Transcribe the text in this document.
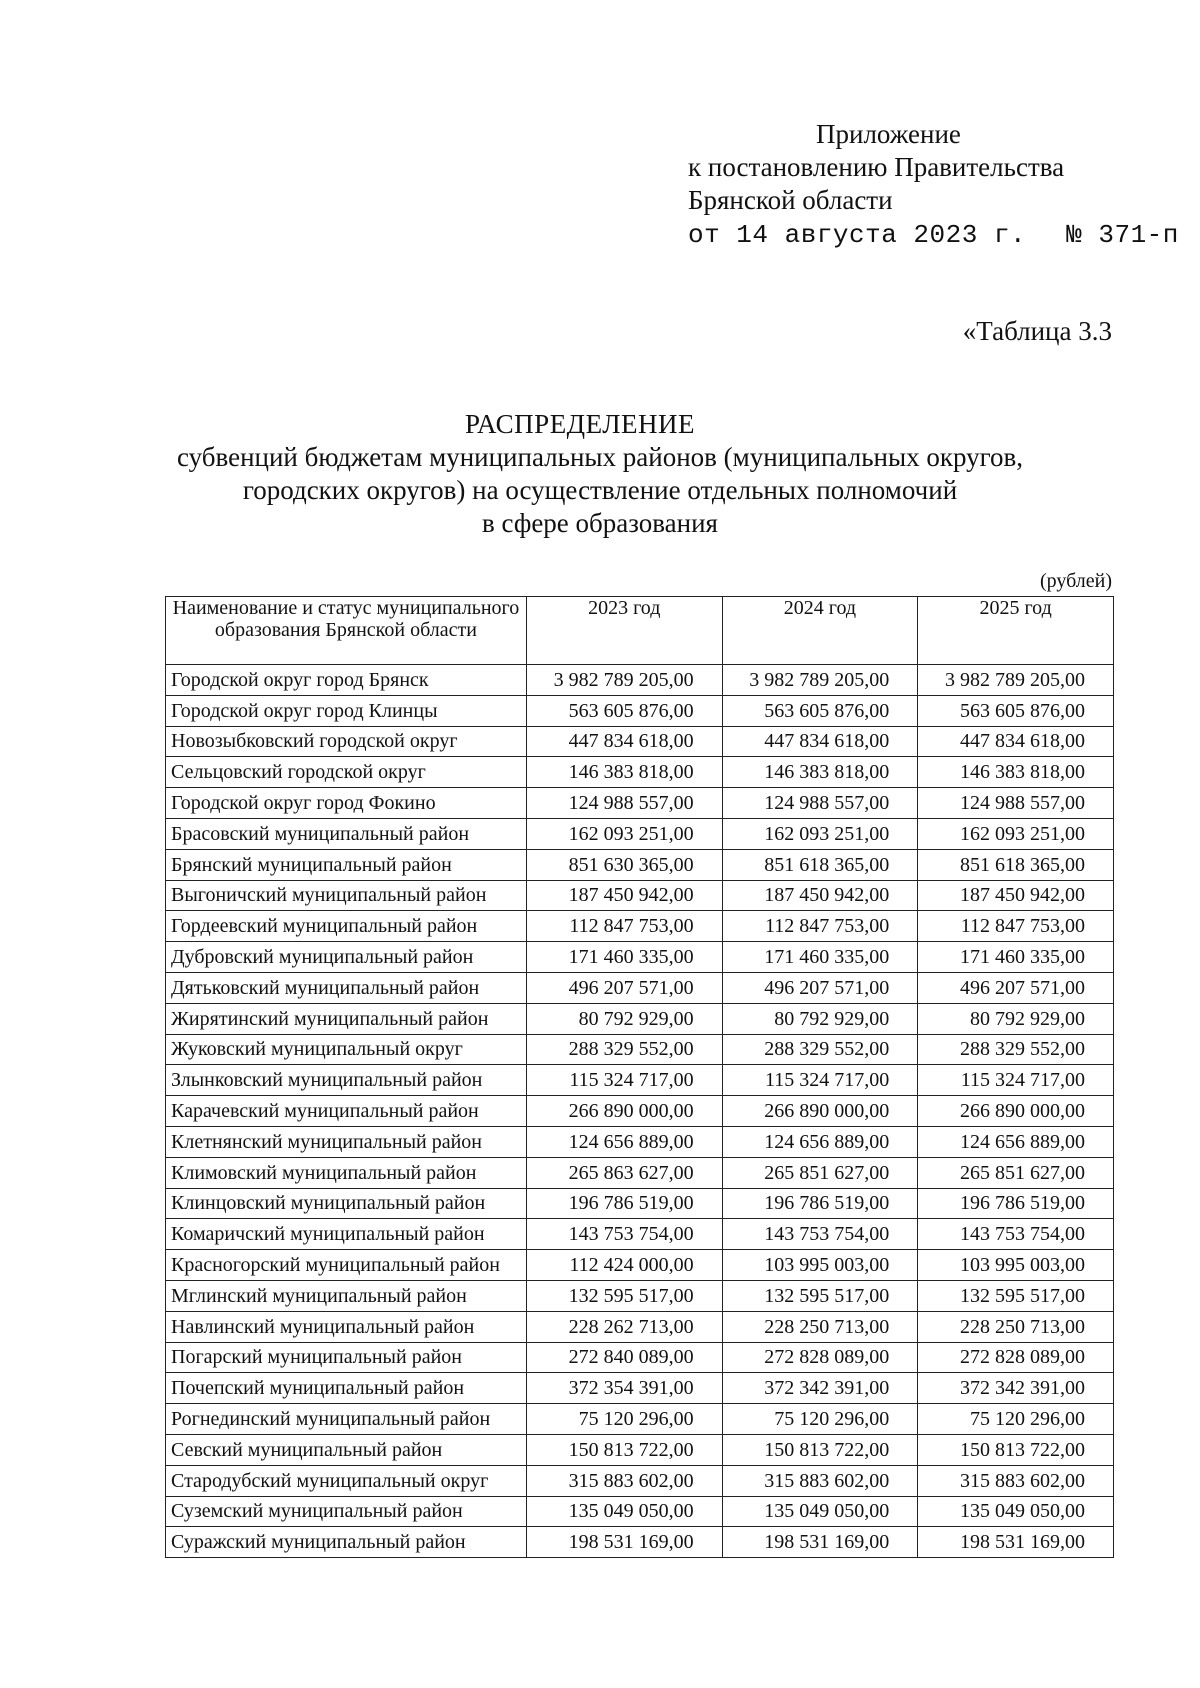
Приложение
к постановлению Правительства
Брянской области
от 14 августа 2023 г. № 371-п
«Таблица 3.3
РАСПРЕДЕЛЕНИЕ
субвенций бюджетам муниципальных районов (муниципальных округов,
городских округов) на осуществление отдельных полномочий
в сфере образования
(рублей)
Наименование и статус муниципального образования Брянской области	2023 год	2024 год	2025 год
Городской округ город Брянск	3 982 789 205,00	3 982 789 205,00	3 982 789 205,00
Городской округ город Клинцы	563 605 876,00	563 605 876,00	563 605 876,00
Новозыбковский городской округ	447 834 618,00	447 834 618,00	447 834 618,00
Сельцовский городской округ	146 383 818,00	146 383 818,00	146 383 818,00
Городской округ город Фокино	124 988 557,00	124 988 557,00	124 988 557,00
Брасовский муниципальный район	162 093 251,00	162 093 251,00	162 093 251,00
Брянский муниципальный район	851 630 365,00	851 618 365,00	851 618 365,00
Выгоничский муниципальный район	187 450 942,00	187 450 942,00	187 450 942,00
Гордеевский муниципальный район	112 847 753,00	112 847 753,00	112 847 753,00
Дубровский муниципальный район	171 460 335,00	171 460 335,00	171 460 335,00
Дятьковский муниципальный район	496 207 571,00	496 207 571,00	496 207 571,00
Жирятинский муниципальный район	80 792 929,00	80 792 929,00	80 792 929,00
Жуковский муниципальный округ	288 329 552,00	288 329 552,00	288 329 552,00
Злынковский муниципальный район	115 324 717,00	115 324 717,00	115 324 717,00
Карачевский муниципальный район	266 890 000,00	266 890 000,00	266 890 000,00
Клетнянский муниципальный район	124 656 889,00	124 656 889,00	124 656 889,00
Климовский муниципальный район	265 863 627,00	265 851 627,00	265 851 627,00
Клинцовский муниципальный район	196 786 519,00	196 786 519,00	196 786 519,00
Комаричский муниципальный район	143 753 754,00	143 753 754,00	143 753 754,00
Красногорский муниципальный район	112 424 000,00	103 995 003,00	103 995 003,00
Мглинский муниципальный район	132 595 517,00	132 595 517,00	132 595 517,00
Навлинский муниципальный район	228 262 713,00	228 250 713,00	228 250 713,00
Погарский муниципальный район	272 840 089,00	272 828 089,00	272 828 089,00
Почепский муниципальный район	372 354 391,00	372 342 391,00	372 342 391,00
Рогнединский муниципальный район	75 120 296,00	75 120 296,00	75 120 296,00
Севский муниципальный район	150 813 722,00	150 813 722,00	150 813 722,00
Стародубский муниципальный округ	315 883 602,00	315 883 602,00	315 883 602,00
Суземский муниципальный район	135 049 050,00	135 049 050,00	135 049 050,00
Суражский муниципальный район	198 531 169,00	198 531 169,00	198 531 169,00
